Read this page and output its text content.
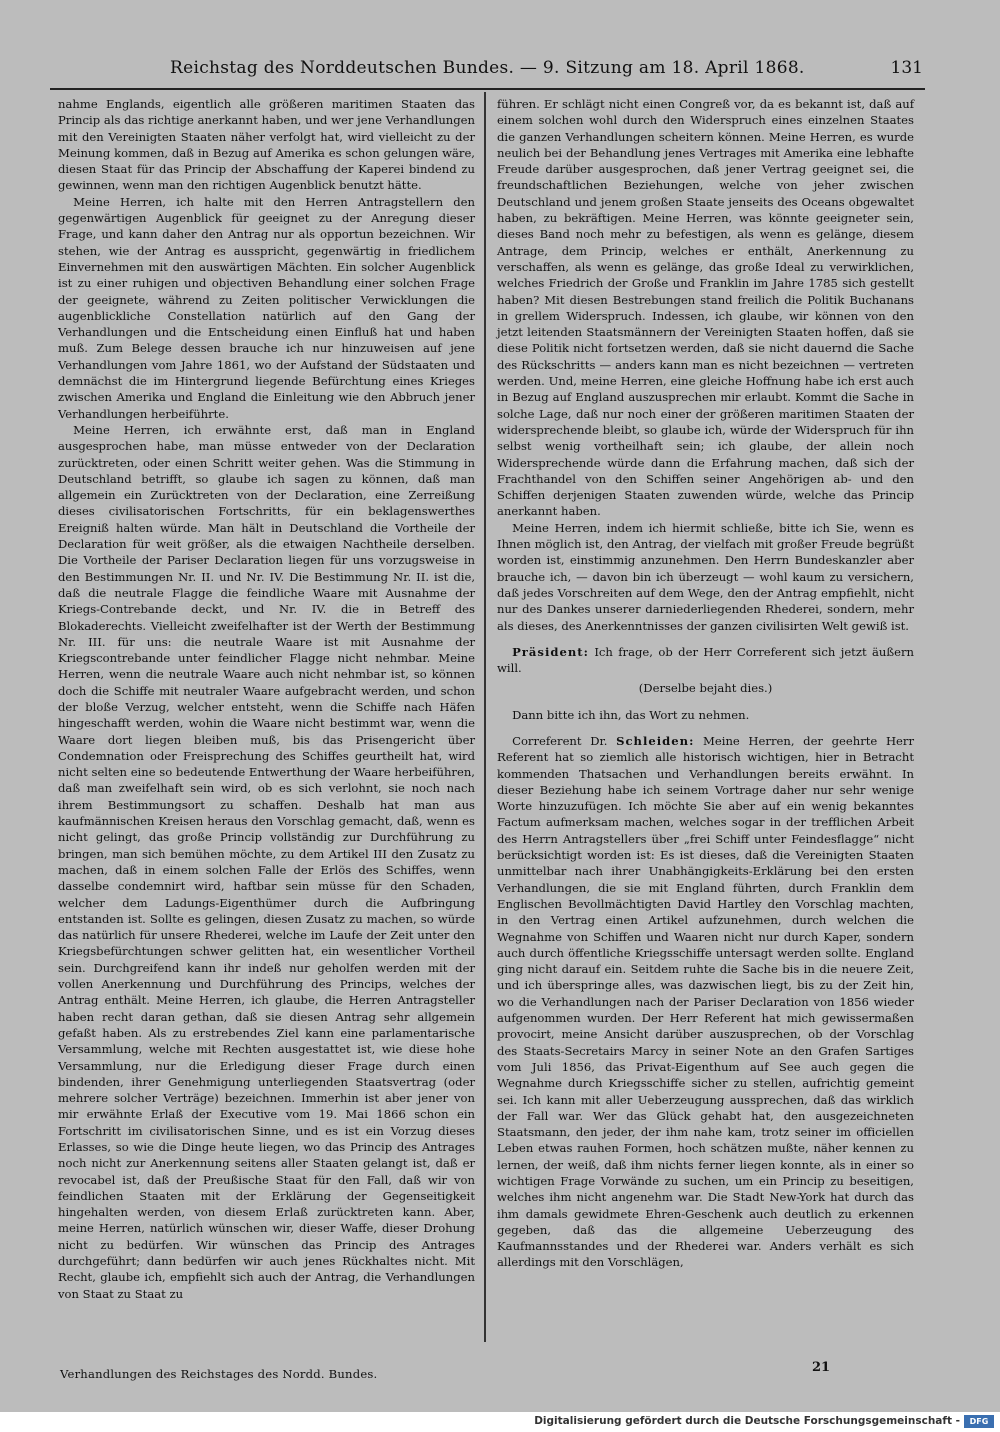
Reichstag des Norddeutschen Bundes. — 9. Sitzung am 18. April 1868.	131

nahme Englands, eigentlich alle größeren maritimen Staaten das Princip als das richtige anerkannt haben, und wer jene Verhandlungen mit den Vereinigten Staaten näher verfolgt hat, wird vielleicht zu der Meinung kommen, daß in Bezug auf Amerika es schon gelungen wäre, diesen Staat für das Princip der Abschaffung der Kaperei bindend zu gewinnen, wenn man den richtigen Augenblick benutzt hätte.

Meine Herren, ich halte mit den Herren Antragstellern den gegenwärtigen Augenblick für geeignet zu der Anregung dieser Frage, und kann daher den Antrag nur als opportun bezeichnen. Wir stehen, wie der Antrag es ausspricht, gegenwärtig in friedlichem Einvernehmen mit den auswärtigen Mächten. Ein solcher Augenblick ist zu einer ruhigen und objectiven Behandlung einer solchen Frage der geeignete, während zu Zeiten politischer Verwicklungen die augenblickliche Constellation natürlich auf den Gang der Verhandlungen und die Entscheidung einen Einfluß hat und haben muß. Zum Belege dessen brauche ich nur hinzuweisen auf jene Verhandlungen vom Jahre 1861, wo der Aufstand der Südstaaten und demnächst die im Hintergrund liegende Befürchtung eines Krieges zwischen Amerika und England die Einleitung wie den Abbruch jener Verhandlungen herbeiführte.

Meine Herren, ich erwähnte erst, daß man in England ausgesprochen habe, man müsse entweder von der Declaration zurücktreten, oder einen Schritt weiter gehen. Was die Stimmung in Deutschland betrifft, so glaube ich sagen zu können, daß man allgemein ein Zurücktreten von der Declaration, eine Zerreißung dieses civilisatorischen Fortschritts, für ein beklagenswerthes Ereigniß halten würde. Man hält in Deutschland die Vortheile der Declaration für weit größer, als die etwaigen Nachtheile derselben. Die Vortheile der Pariser Declaration liegen für uns vorzugsweise in den Bestimmungen Nr. II. und Nr. IV. Die Bestimmung Nr. II. ist die, daß die neutrale Flagge die feindliche Waare mit Ausnahme der Kriegs-Contrebande deckt, und Nr. IV. die in Betreff des Blokaderechts. Vielleicht zweifelhafter ist der Werth der Bestimmung Nr. III. für uns: die neutrale Waare ist mit Ausnahme der Kriegscontrebande unter feindlicher Flagge nicht nehmbar. Meine Herren, wenn die neutrale Waare auch nicht nehmbar ist, so können doch die Schiffe mit neutraler Waare aufgebracht werden, und schon der bloße Verzug, welcher entsteht, wenn die Schiffe nach Häfen hingeschafft werden, wohin die Waare nicht bestimmt war, wenn die Waare dort liegen bleiben muß, bis das Prisengericht über Condemnation oder Freisprechung des Schiffes geurtheilt hat, wird nicht selten eine so bedeutende Entwerthung der Waare herbeiführen, daß man zweifelhaft sein wird, ob es sich verlohnt, sie noch nach ihrem Bestimmungsort zu schaffen. Deshalb hat man aus kaufmännischen Kreisen heraus den Vorschlag gemacht, daß, wenn es nicht gelingt, das große Princip vollständig zur Durchführung zu bringen, man sich bemühen möchte, zu dem Artikel III den Zusatz zu machen, daß in einem solchen Falle der Erlös des Schiffes, wenn dasselbe condemnirt wird, haftbar sein müsse für den Schaden, welcher dem Ladungs-Eigenthümer durch die Aufbringung entstanden ist. Sollte es gelingen, diesen Zusatz zu machen, so würde das natürlich für unsere Rhederei, welche im Laufe der Zeit unter den Kriegsbefürchtungen schwer gelitten hat, ein wesentlicher Vortheil sein. Durchgreifend kann ihr indeß nur geholfen werden mit der vollen Anerkennung und Durchführung des Princips, welches der Antrag enthält. Meine Herren, ich glaube, die Herren Antragsteller haben recht daran gethan, daß sie diesen Antrag sehr allgemein gefaßt haben. Als zu erstrebendes Ziel kann eine parlamentarische Versammlung, welche mit Rechten ausgestattet ist, wie diese hohe Versammlung, nur die Erledigung dieser Frage durch einen bindenden, ihrer Genehmigung unterliegenden Staatsvertrag (oder mehrere solcher Verträge) bezeichnen. Immerhin ist aber jener von mir erwähnte Erlaß der Executive vom 19. Mai 1866 schon ein Fortschritt im civilisatorischen Sinne, und es ist ein Vorzug dieses Erlasses, so wie die Dinge heute liegen, wo das Princip des Antrages noch nicht zur Anerkennung seitens aller Staaten gelangt ist, daß er revocabel ist, daß der Preußische Staat für den Fall, daß wir von feindlichen Staaten mit der Erklärung der Gegenseitigkeit hingehalten werden, von diesem Erlaß zurücktreten kann. Aber, meine Herren, natürlich wünschen wir, dieser Waffe, dieser Drohung nicht zu bedürfen. Wir wünschen das Princip des Antrages durchgeführt; dann bedürfen wir auch jenes Rückhaltes nicht. Mit Recht, glaube ich, empfiehlt sich auch der Antrag, die Verhandlungen von Staat zu Staat zu

führen. Er schlägt nicht einen Congreß vor, da es bekannt ist, daß auf einem solchen wohl durch den Widerspruch eines einzelnen Staates die ganzen Verhandlungen scheitern können. Meine Herren, es wurde neulich bei der Behandlung jenes Vertrages mit Amerika eine lebhafte Freude darüber ausgesprochen, daß jener Vertrag geeignet sei, die freundschaftlichen Beziehungen, welche von jeher zwischen Deutschland und jenem großen Staate jenseits des Oceans obgewaltet haben, zu bekräftigen. Meine Herren, was könnte geeigneter sein, dieses Band noch mehr zu befestigen, als wenn es gelänge, diesem Antrage, dem Princip, welches er enthält, Anerkennung zu verschaffen, als wenn es gelänge, das große Ideal zu verwirklichen, welches Friedrich der Große und Franklin im Jahre 1785 sich gestellt haben? Mit diesen Bestrebungen stand freilich die Politik Buchanans in grellem Widerspruch. Indessen, ich glaube, wir können von den jetzt leitenden Staatsmännern der Vereinigten Staaten hoffen, daß sie diese Politik nicht fortsetzen werden, daß sie nicht dauernd die Sache des Rückschritts — anders kann man es nicht bezeichnen — vertreten werden. Und, meine Herren, eine gleiche Hoffnung habe ich erst auch in Bezug auf England auszusprechen mir erlaubt. Kommt die Sache in solche Lage, daß nur noch einer der größeren maritimen Staaten der widersprechende bleibt, so glaube ich, würde der Widerspruch für ihn selbst wenig vortheilhaft sein; ich glaube, der allein noch Widersprechende würde dann die Erfahrung machen, daß sich der Frachthandel von den Schiffen seiner Angehörigen ab- und den Schiffen derjenigen Staaten zuwenden würde, welche das Princip anerkannt haben.

Meine Herren, indem ich hiermit schließe, bitte ich Sie, wenn es Ihnen möglich ist, den Antrag, der vielfach mit großer Freude begrüßt worden ist, einstimmig anzunehmen. Den Herrn Bundeskanzler aber brauche ich, — davon bin ich überzeugt — wohl kaum zu versichern, daß jedes Vorschreiten auf dem Wege, den der Antrag empfiehlt, nicht nur des Dankes unserer darniederliegenden Rhederei, sondern, mehr als dieses, des Anerkenntnisses der ganzen civilisirten Welt gewiß ist.

Präsident: Ich frage, ob der Herr Correferent sich jetzt äußern will.

(Derselbe bejaht dies.)

Dann bitte ich ihn, das Wort zu nehmen.

Correferent Dr. Schleiden: Meine Herren, der geehrte Herr Referent hat so ziemlich alle historisch wichtigen, hier in Betracht kommenden Thatsachen und Verhandlungen bereits erwähnt. In dieser Beziehung habe ich seinem Vortrage daher nur sehr wenige Worte hinzuzufügen. Ich möchte Sie aber auf ein wenig bekanntes Factum aufmerksam machen, welches sogar in der trefflichen Arbeit des Herrn Antragstellers über „frei Schiff unter Feindesflagge“ nicht berücksichtigt worden ist: Es ist dieses, daß die Vereinigten Staaten unmittelbar nach ihrer Unabhängigkeits-Erklärung bei den ersten Verhandlungen, die sie mit England führten, durch Franklin dem Englischen Bevollmächtigten David Hartley den Vorschlag machten, in den Vertrag einen Artikel aufzunehmen, durch welchen die Wegnahme von Schiffen und Waaren nicht nur durch Kaper, sondern auch durch öffentliche Kriegsschiffe untersagt werden sollte. England ging nicht darauf ein. Seitdem ruhte die Sache bis in die neuere Zeit, und ich überspringe alles, was dazwischen liegt, bis zu der Zeit hin, wo die Verhandlungen nach der Pariser Declaration von 1856 wieder aufgenommen wurden. Der Herr Referent hat mich gewissermaßen provocirt, meine Ansicht darüber auszusprechen, ob der Vorschlag des Staats-Secretairs Marcy in seiner Note an den Grafen Sartiges vom Juli 1856, das Privat-Eigenthum auf See auch gegen die Wegnahme durch Kriegsschiffe sicher zu stellen, aufrichtig gemeint sei. Ich kann mit aller Ueberzeugung aussprechen, daß das wirklich der Fall war. Wer das Glück gehabt hat, den ausgezeichneten Staatsmann, den jeder, der ihm nahe kam, trotz seiner im officiellen Leben etwas rauhen Formen, hoch schätzen mußte, näher kennen zu lernen, der weiß, daß ihm nichts ferner liegen konnte, als in einer so wichtigen Frage Vorwände zu suchen, um ein Princip zu beseitigen, welches ihm nicht angenehm war. Die Stadt New-York hat durch das ihm damals gewidmete Ehren-Geschenk auch deutlich zu erkennen gegeben, daß das die allgemeine Ueberzeugung des Kaufmannsstandes und der Rhederei war. Anders verhält es sich allerdings mit den Vorschlägen,

Verhandlungen des Reichstages des Nordd. Bundes.	21
Digitalisierung gefördert durch die Deutsche Forschungsgemeinschaft -	DFG
